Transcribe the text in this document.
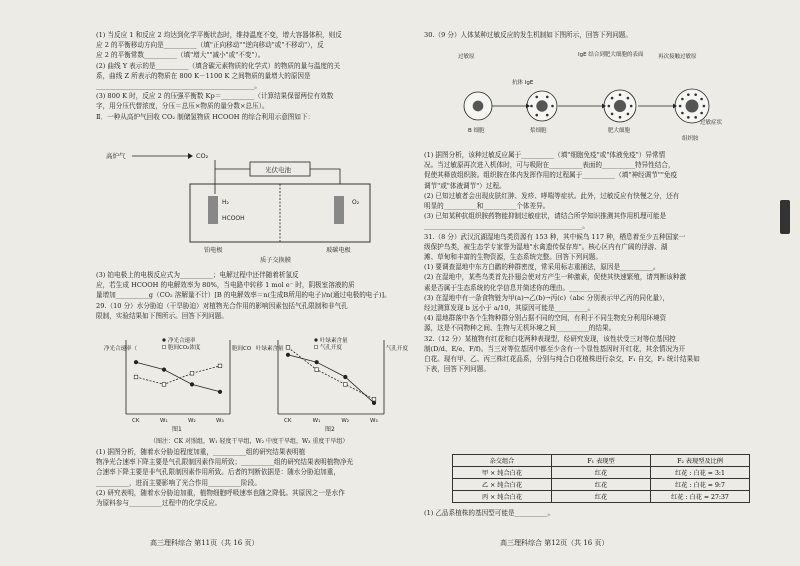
(1) 当反应 1 和反应 2 均达到化学平衡状态时，维持温度不变，增大容器体积，则反

应 2 的平衡移动方向是__________（填"正向移动""逆向移动"或"不移动"），反

应 2 的平衡常数__________（填"增大""减小"或"不变"）。

(2) 曲线 Y 表示的是__________（填含碳元素物质的化学式）的物质的量与温度的关

系，曲线 Z 所表示的物质在 800 K－1100 K 之间物质的量增大的原因是

________________________________________________。

(3) 800 K 时，反应 2 的压强平衡数 Kp＝__________（计算结果保留两位有效数

字，用分压代替浓度，分压＝总压×物质的量分数×总压）。

Ⅱ．一种从高炉气回收 CO₂ 制储氢物质 HCOOH 的综合利用示意图如下：

(3) 铂电极上的电极反应式为__________；电解过程中还伴随着析氢反

应，若生成 HCOOH 的电解效率为 80%，当电路中转移 1 mol e⁻ 时，阴极室溶液的质

量增加__________g（CO₂ 溶解量不计）[B 的电解效率＝n(生成B所用的电子)/n(通过电极的电子)]。

29.（10 分）水分胁迫（干旱胁迫）对植物光合作用的影响因素包括气孔限制和非气孔

限制，实验结果如下图所示。回答下列问题。

(1) 据图分析，随着水分胁迫程度加重，__________组的研究结果表明植

物净光合速率下降主要是气孔限制因素作用所致；__________组的研究结果表明植物净光

合速率下降主要是非气孔限制因素作用所致。后者的判断依据是：随水分胁迫加重，

__________，进而主要影响了光合作用__________阶段。

(2) 研究表明，随着水分胁迫加重，植物细胞呼吸速率也随之降低。其原因之一是水作

为原料参与__________过程中的化学反应。

高炉气	CO₂
光伏电池
H₂
HCOOH
O₂
铂电极	玻碳电极
质子交换膜
净光合速率（	胞间CO
CK	W₁	W₂	W₃
净光合速率
胞间CO₂浓度
图1
叶绿素含量	气孔开度
CK	W₁	W₂	W₃
叶绿素含量
气孔开度
图2
（图注：CK 对照组，W₁ 轻度干旱组，W₂ 中度干旱组，W₃ 重度干旱组）

30.（9 分）人体某种过敏反应的发生机制如下图所示，回答下列问题。

过敏原
抗体 IgE
IgE 结合到肥大细胞的表面	再次接触过敏原
B 细胞	浆细胞	肥大细胞
组织胺
过敏症状

(1) 据图分析，该种过敏反应属于__________（填"细胞免疫"或"体液免疫"）异常情

况。当过敏原再次进入机体时，可与吸附在__________表面的__________特异性结合，

促使其释放组织胺。组织胺在体内发挥作用的过程属于__________（填"神经调节""免疫

调节"或"体液调节"）过程。

(2) 已知过敏者会出现皮肤红肿、发疹、哮喘等症状。此外，过敏反应有快慢之分，还有

明显的__________和__________个体差异。

(3) 已知某种抗组织胺药物能抑制过敏症状，请结合所学知识推测其作用机理可能是

________________________________________________。

31.（8 分）武汉沉湖湿地鸟类资源有 153 种，其中候鸟 117 种，栖息着至少五种国家一

级保护鸟类，被生态学专家誉为湿地"水禽遗传保存库"。核心区内有广阔的浮游、湖

滩、草甸和丰富的生物资源，生态系统完整。回答下列问题。

(1) 要调查湿地中东方白鹳的种群密度，常采用标志重捕法，原因是__________。

(2) 在湿地中，某些鸟类首先扑翅会使对方产生一种激素，促使其快速繁殖，请判断该种激

素是否属于生态系统的化学信息并简述你的理由。__________

(3) 在湿地中有一条食物链为甲(a)→乙(b)→丙(c)（abc 分别表示甲乙丙的同化量），

经过测算发现 b 远小于 a/10，其原因可能是__________。

(4) 湿地群落中各个生物种群分别占据不同的空间，有利于不同生物充分利用环境资

源，这是不同物种之间、生物与无机环境之间__________的结果。

32.（12 分）某植物有红花和白花两种表现型，经研究发现，该性状受三对等位基因控

制(D/d、E/e、F/f)。当三对等位基因中都至少含有一个显性基因时开红花，其余情况为开

白花。现有甲、乙、丙三株红花品系，分别与纯合白花植株进行杂交，F₁ 自交，F₂ 统计结果如

下表，回答下列问题。

杂交组合	F₁ 表现型	F₂ 表现型及比例
甲 × 纯合白花	红花	红花 : 白花 = 3:1
乙 × 纯合白花	红花	红花 : 白花 = 9:7
丙 × 纯合白花	红花	红花 : 白花 = 27:37

(1) 乙品系植株的基因型可能是__________。

高三理科综合 第11页（共 16 页）	高三理科综合 第12页（共 16 页）
